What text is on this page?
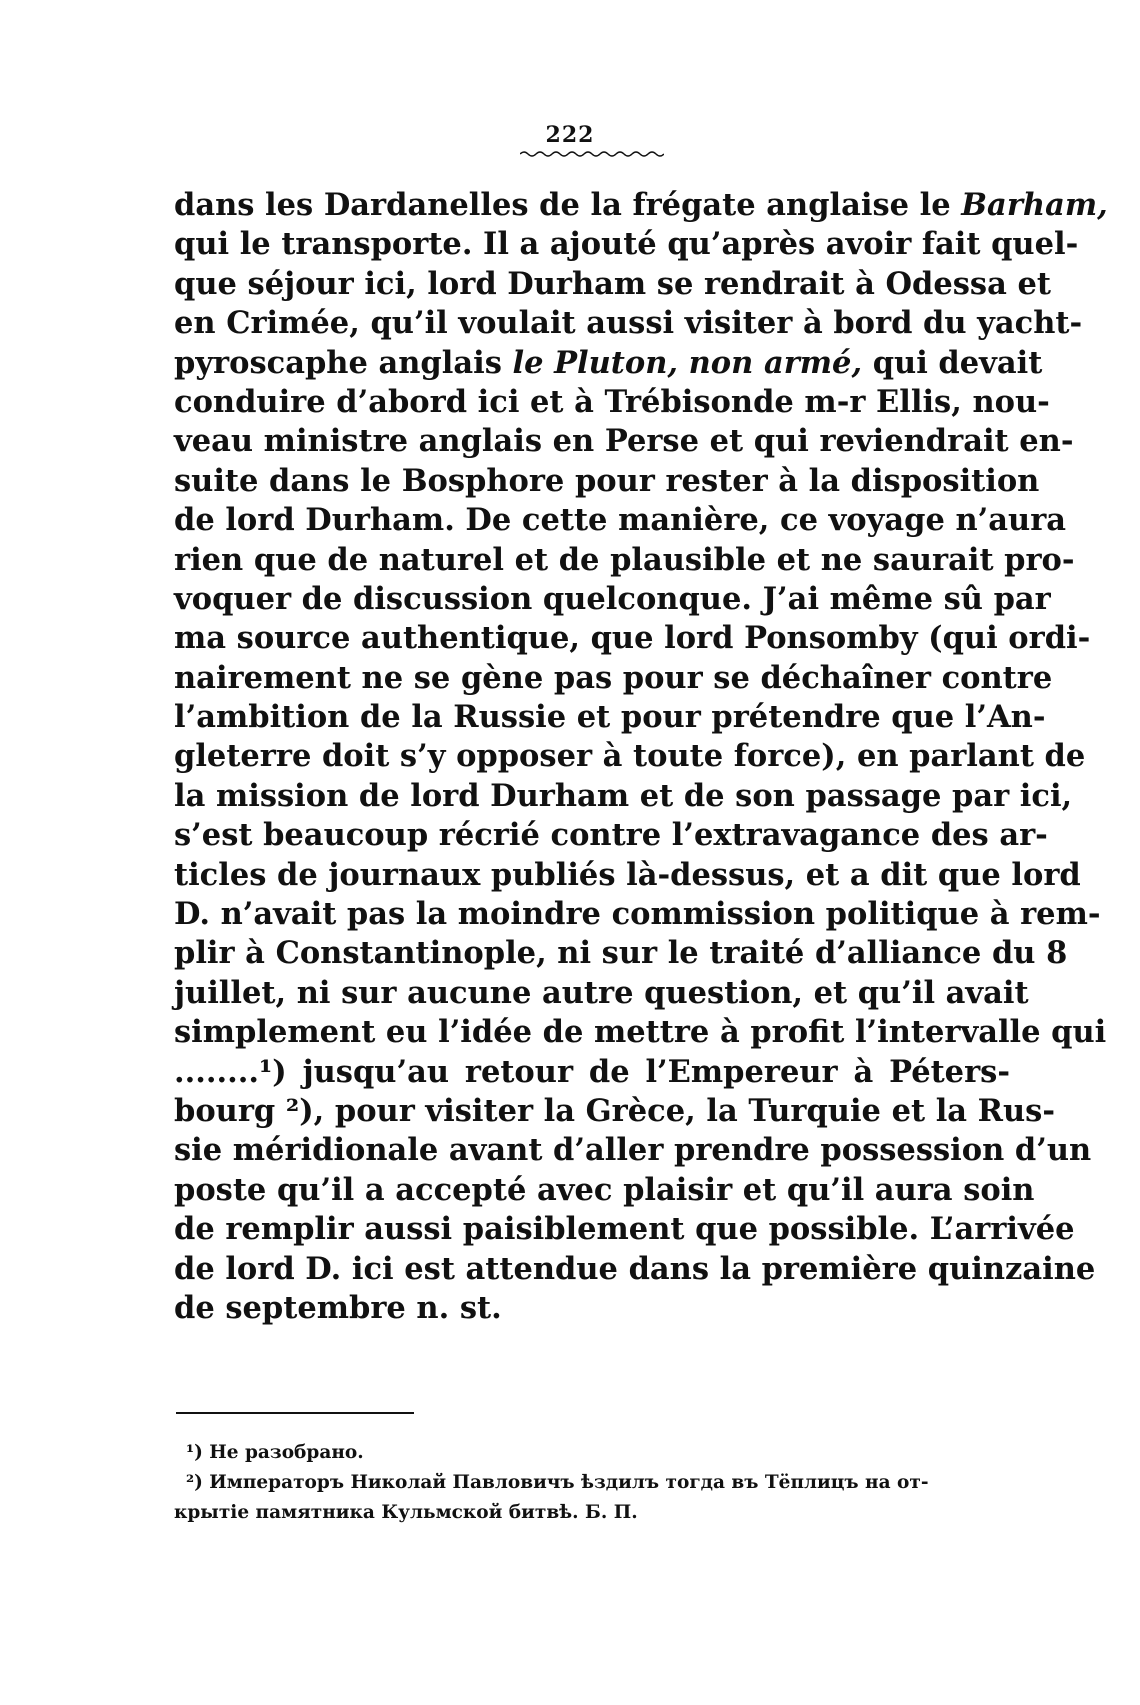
222
dans les Dardanelles de la frégate anglaise le Barham,
qui le transporte. Il a ajouté qu’après avoir fait quel-
que séjour ici, lord Durham se rendrait à Odessa et
en Crimée, qu’il voulait aussi visiter à bord du yacht-
pyroscaphe anglais le Pluton, non armé, qui devait
conduire d’abord ici et à Trébisonde m-r Ellis, nou-
veau ministre anglais en Perse et qui reviendrait en-
suite dans le Bosphore pour rester à la disposition
de lord Durham. De cette manière, ce voyage n’aura
rien que de naturel et de plausible et ne saurait pro-
voquer de discussion quelconque. J’ai même sû par
ma source authentique, que lord Ponsomby (qui ordi-
nairement ne se gène pas pour se déchaîner contre
l’ambition de la Russie et pour prétendre que l’An-
gleterre doit s’y opposer à toute force), en parlant de
la mission de lord Durham et de son passage par ici,
s’est beaucoup récrié contre l’extravagance des ar-
ticles de journaux publiés là-dessus, et a dit que lord
D. n’avait pas la moindre commission politique à rem-
plir à Constantinople, ni sur le traité d’alliance du 8
juillet, ni sur aucune autre question, et qu’il avait
simplement eu l’idée de mettre à profit l’intervalle qui
........¹) jusqu’au retour de l’Empereur à Péters-
bourg ²), pour visiter la Grèce, la Turquie et la Rus-
sie méridionale avant d’aller prendre possession d’un
poste qu’il a accepté avec plaisir et qu’il aura soin
de remplir aussi paisiblement que possible. L’arrivée
de lord D. ici est attendue dans la première quinzaine
de septembre n. st.
¹) Не разобрано.
²) Императоръ Николай Павловичъ ѣздилъ тогда въ Тёплицъ на от-
крытіе памятника Кульмской битвѣ. Б. П.
